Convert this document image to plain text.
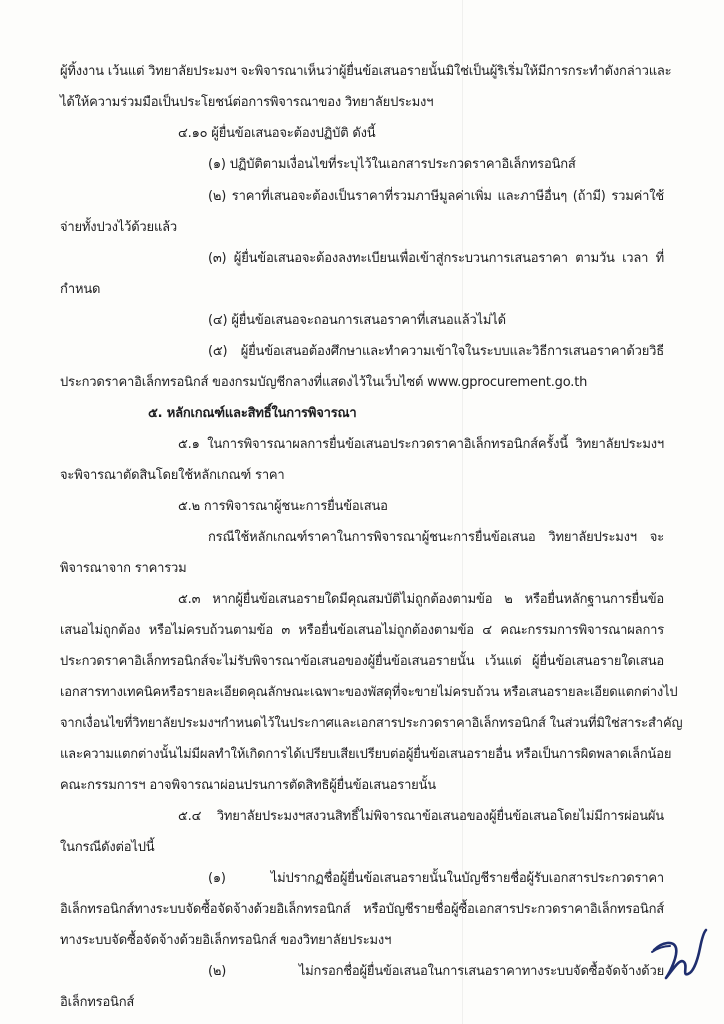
ผู้ทิ้งงาน เว้นแต่ วิทยาลัยประมงฯ จะพิจารณาเห็นว่าผู้ยื่นข้อเสนอรายนั้นมิใช่เป็นผู้ริเริ่มให้มีการกระทำดังกล่าวและ
ได้ให้ความร่วมมือเป็นประโยชน์ต่อการพิจารณาของ วิทยาลัยประมงฯ
๔.๑๐ ผู้ยื่นข้อเสนอจะต้องปฏิบัติ ดังนี้
(๑) ปฏิบัติตามเงื่อนไขที่ระบุไว้ในเอกสารประกวดราคาอิเล็กทรอนิกส์
(๒) ราคาที่เสนอจะต้องเป็นราคาที่รวมภาษีมูลค่าเพิ่ม และภาษีอื่นๆ (ถ้ามี) รวมค่าใช้
จ่ายทั้งปวงไว้ด้วยแล้ว
(๓) ผู้ยื่นข้อเสนอจะต้องลงทะเบียนเพื่อเข้าสู่กระบวนการเสนอราคา ตามวัน เวลา ที่
กำหนด
(๔) ผู้ยื่นข้อเสนอจะถอนการเสนอราคาที่เสนอแล้วไม่ได้
(๕) ผู้ยื่นข้อเสนอต้องศึกษาและทำความเข้าใจในระบบและวิธีการเสนอราคาด้วยวิธี
ประกวดราคาอิเล็กทรอนิกส์ ของกรมบัญชีกลางที่แสดงไว้ในเว็บไซต์ www.gprocurement.go.th
๕. หลักเกณฑ์และสิทธิ์ในการพิจารณา
๕.๑ ในการพิจารณาผลการยื่นข้อเสนอประกวดราคาอิเล็กทรอนิกส์ครั้งนี้ วิทยาลัยประมงฯ
จะพิจารณาตัดสินโดยใช้หลักเกณฑ์ ราคา
๕.๒ การพิจารณาผู้ชนะการยื่นข้อเสนอ
กรณีใช้หลักเกณฑ์ราคาในการพิจารณาผู้ชนะการยื่นข้อเสนอ วิทยาลัยประมงฯ จะ
พิจารณาจาก ราคารวม
๕.๓ หากผู้ยื่นข้อเสนอรายใดมีคุณสมบัติไม่ถูกต้องตามข้อ ๒ หรือยื่นหลักฐานการยื่นข้อ
เสนอไม่ถูกต้อง หรือไม่ครบถ้วนตามข้อ ๓ หรือยื่นข้อเสนอไม่ถูกต้องตามข้อ ๔ คณะกรรมการพิจารณาผลการ
ประกวดราคาอิเล็กทรอนิกส์จะไม่รับพิจารณาข้อเสนอของผู้ยื่นข้อเสนอรายนั้น เว้นแต่ ผู้ยื่นข้อเสนอรายใดเสนอ
เอกสารทางเทคนิคหรือรายละเอียดคุณลักษณะเฉพาะของพัสดุที่จะขายไม่ครบถ้วน หรือเสนอรายละเอียดแตกต่างไป
จากเงื่อนไขที่วิทยาลัยประมงฯกำหนดไว้ในประกาศและเอกสารประกวดราคาอิเล็กทรอนิกส์ ในส่วนที่มิใช่สาระสำคัญ
และความแตกต่างนั้นไม่มีผลทำให้เกิดการได้เปรียบเสียเปรียบต่อผู้ยื่นข้อเสนอรายอื่น หรือเป็นการผิดพลาดเล็กน้อย
คณะกรรมการฯ อาจพิจารณาผ่อนปรนการตัดสิทธิผู้ยื่นข้อเสนอรายนั้น
๕.๔ วิทยาลัยประมงฯสงวนสิทธิ์ไม่พิจารณาข้อเสนอของผู้ยื่นข้อเสนอโดยไม่มีการผ่อนผัน
ในกรณีดังต่อไปนี้
(๑) ไม่ปรากฏชื่อผู้ยื่นข้อเสนอรายนั้นในบัญชีรายชื่อผู้รับเอกสารประกวดราคา
อิเล็กทรอนิกส์ทางระบบจัดซื้อจัดจ้างด้วยอิเล็กทรอนิกส์ หรือบัญชีรายชื่อผู้ซื้อเอกสารประกวดราคาอิเล็กทรอนิกส์
ทางระบบจัดซื้อจัดจ้างด้วยอิเล็กทรอนิกส์ ของวิทยาลัยประมงฯ
(๒) ไม่กรอกชื่อผู้ยื่นข้อเสนอในการเสนอราคาทางระบบจัดซื้อจัดจ้างด้วย
อิเล็กทรอนิกส์
